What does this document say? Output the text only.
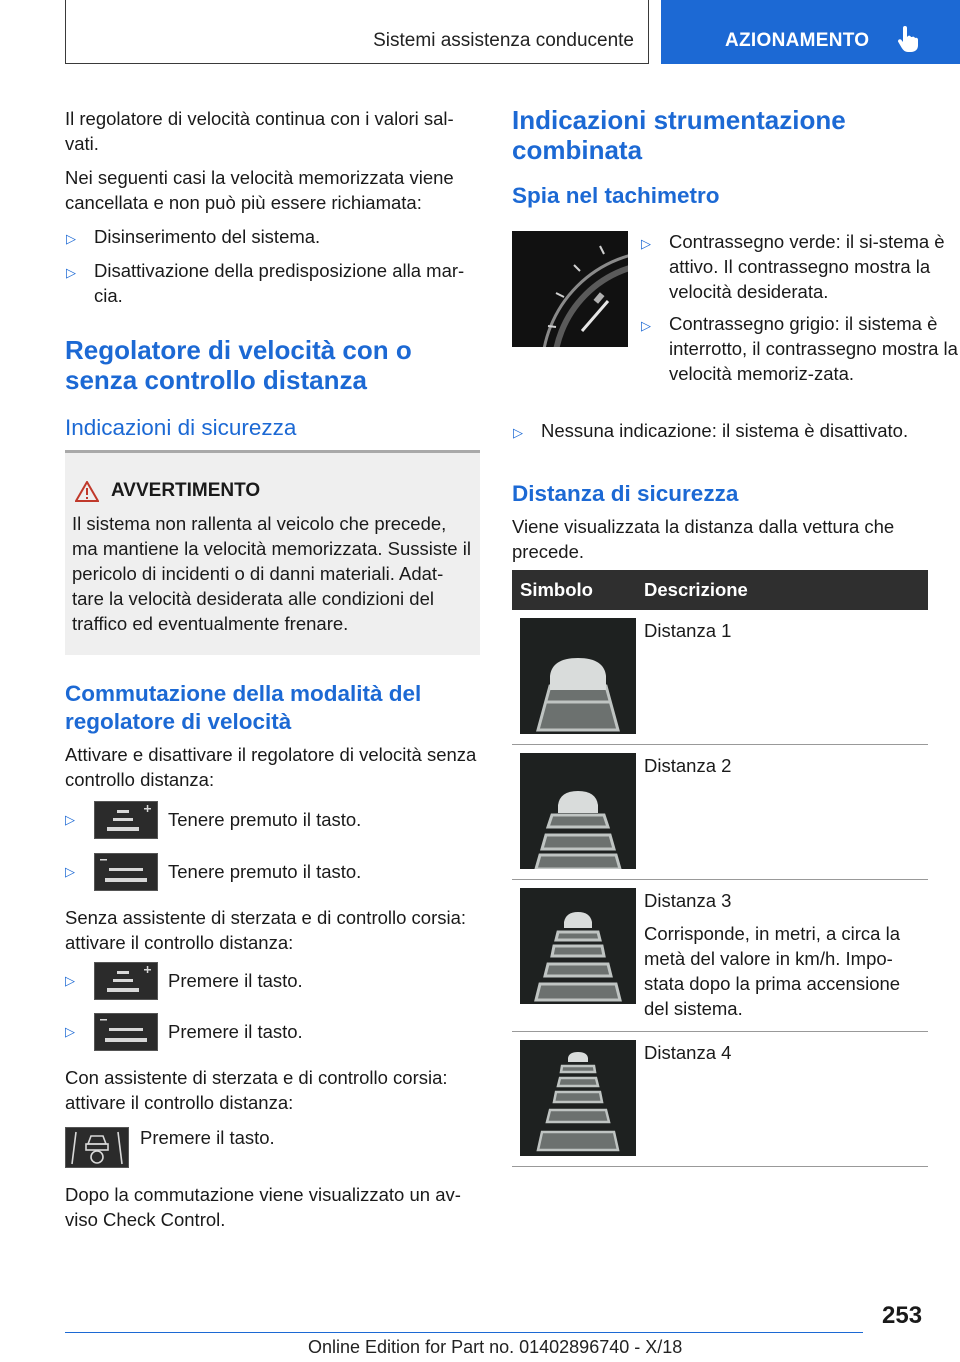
Sistemi assistenza conducente	AZIONAMENTO

Il regolatore di velocità continua con i valori sal-vati.

Nei seguenti casi la velocità memorizzata viene cancellata e non può più essere richiamata:

▷ Disinserimento del sistema.
▷ Disattivazione della predisposizione alla mar-cia.
Regolatore di velocità con o senza controllo distanza
Indicazioni di sicurezza
AVVERTIMENTO

Il sistema non rallenta al veicolo che precede, ma mantiene la velocità memorizzata. Sussiste il pericolo di incidenti o di danni materiali. Adat-tare la velocità desiderata alle condizioni del traffico ed eventualmente frenare.

Commutazione della modalità del regolatore di velocità

Attivare e disattivare il regolatore di velocità senza controllo distanza:

▷	Tenere premuto il tasto.
▷	Tenere premuto il tasto.

Senza assistente di sterzata e di controllo corsia: attivare il controllo distanza:

▷	Premere il tasto.
▷	Premere il tasto.

Con assistente di sterzata e di controllo corsia: attivare il controllo distanza:

Premere il tasto.

Dopo la commutazione viene visualizzato un av-viso Check Control.

Indicazioni strumentazione combinata
Spia nel tachimetro
▷ Contrassegno verde: il si-stema è attivo. Il contrassegno mostra la velocità desiderata.
▷ Contrassegno grigio: il sistema è interrotto, il contrassegno mostra la velocità memoriz-zata.
▷ Nessuna indicazione: il sistema è disattivato.
Distanza di sicurezza

Viene visualizzata la distanza dalla vettura che precede.

Simbolo	Descrizione

Distanza 1

Distanza 2

Distanza 3
Corrisponde, in metri, a circa la metà del valore in km/h. Impo-stata dopo la prima accensione del sistema.

Distanza 4
253
Online Edition for Part no. 01402896740 - X/18
